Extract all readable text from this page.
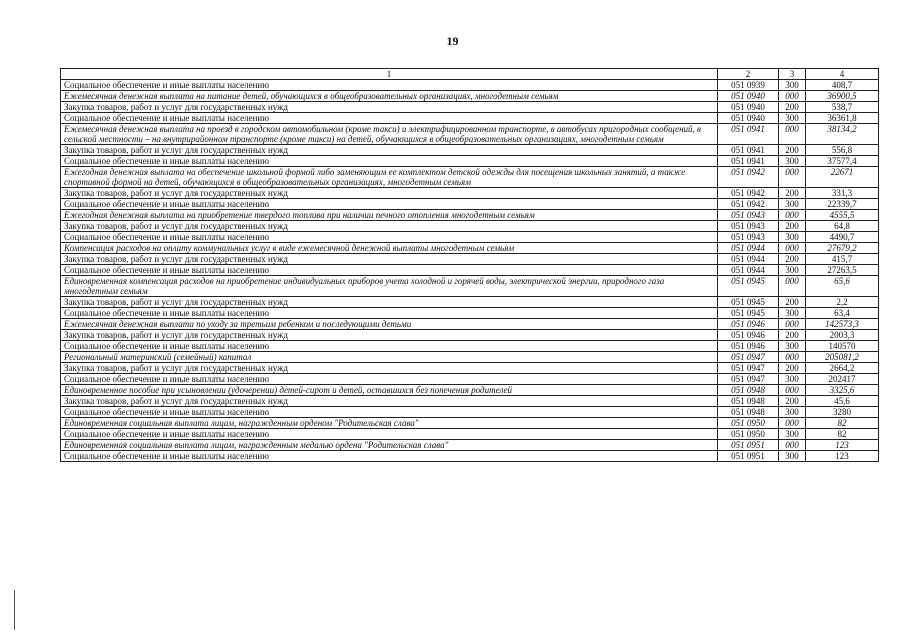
19
1	2	3	4
Социальное обеспечение и иные выплаты населению	051 0939	300	408,7
Ежемесячная денежная выплата на питание детей, обучающихся в общеобразовательных организациях, многодетным семьям	051 0940	000	36900,5
Закупка товаров, работ и услуг для государственных нужд	051 0940	200	538,7
Социальное обеспечение и иные выплаты населению	051 0940	300	36361,8
Ежемесячная денежная выплата на проезд в городском автомобильном (кроме такси) и электрифицированном транспорте, в автобусах пригородных сообщений, в сельской местности – на внутрирайонном транспорте (кроме такси) на детей, обучающихся в общеобразовательных организациях, многодетным семьям	051 0941	000	38134,2
Закупка товаров, работ и услуг для государственных нужд	051 0941	200	556,8
Социальное обеспечение и иные выплаты населению	051 0941	300	37577,4
Ежегодная денежная выплата на обеспечение школьной формой либо заменяющим ее комплектом детской одежды для посещения школьных занятий, а также спортивной формой на детей, обучающихся в общеобразовательных организациях, многодетным семьям	051 0942	000	22671
Закупка товаров, работ и услуг для государственных нужд	051 0942	200	331,3
Социальное обеспечение и иные выплаты населению	051 0942	300	22339,7
Ежегодная денежная выплата на приобретение твердого топлива при наличии печного отопления многодетным семьям	051 0943	000	4555,5
Закупка товаров, работ и услуг для государственных нужд	051 0943	200	64,8
Социальное обеспечение и иные выплаты населению	051 0943	300	4490,7
Компенсация расходов на оплату коммунальных услуг в виде ежемесячной денежной выплаты многодетным семьям	051 0944	000	27679,2
Закупка товаров, работ и услуг для государственных нужд	051 0944	200	415,7
Социальное обеспечение и иные выплаты населению	051 0944	300	27263,5
Единовременная компенсация расходов на приобретение индивидуальных приборов учета холодной и горячей воды, электрической энергии, природного газа многодетным семьям	051 0945	000	65,6
Закупка товаров, работ и услуг для государственных нужд	051 0945	200	2,2
Социальное обеспечение и иные выплаты населению	051 0945	300	63,4
Ежемесячная денежная выплата по уходу за третьим ребенком и последующими детьми	051 0946	000	142573,3
Закупка товаров, работ и услуг для государственных нужд	051 0946	200	2003,3
Социальное обеспечение и иные выплаты населению	051 0946	300	140570
Региональный материнский (семейный) капитал	051 0947	000	205081,2
Закупка товаров, работ и услуг для государственных нужд	051 0947	200	2664,2
Социальное обеспечение и иные выплаты населению	051 0947	300	202417
Единовременное пособие при усыновлении (удочерении) детей-сирот и детей, оставшихся без попечения родителей	051 0948	000	3325,6
Закупка товаров, работ и услуг для государственных нужд	051 0948	200	45,6
Социальное обеспечение и иные выплаты населению	051 0948	300	3280
Единовременная социальная выплата лицам, награжденным орденом "Родительская слава"	051 0950	000	82
Социальное обеспечение и иные выплаты населению	051 0950	300	82
Единовременная социальная выплата лицам, награжденным медалью ордена "Родительская слава"	051 0951	000	123
Социальное обеспечение и иные выплаты населению	051 0951	300	123
